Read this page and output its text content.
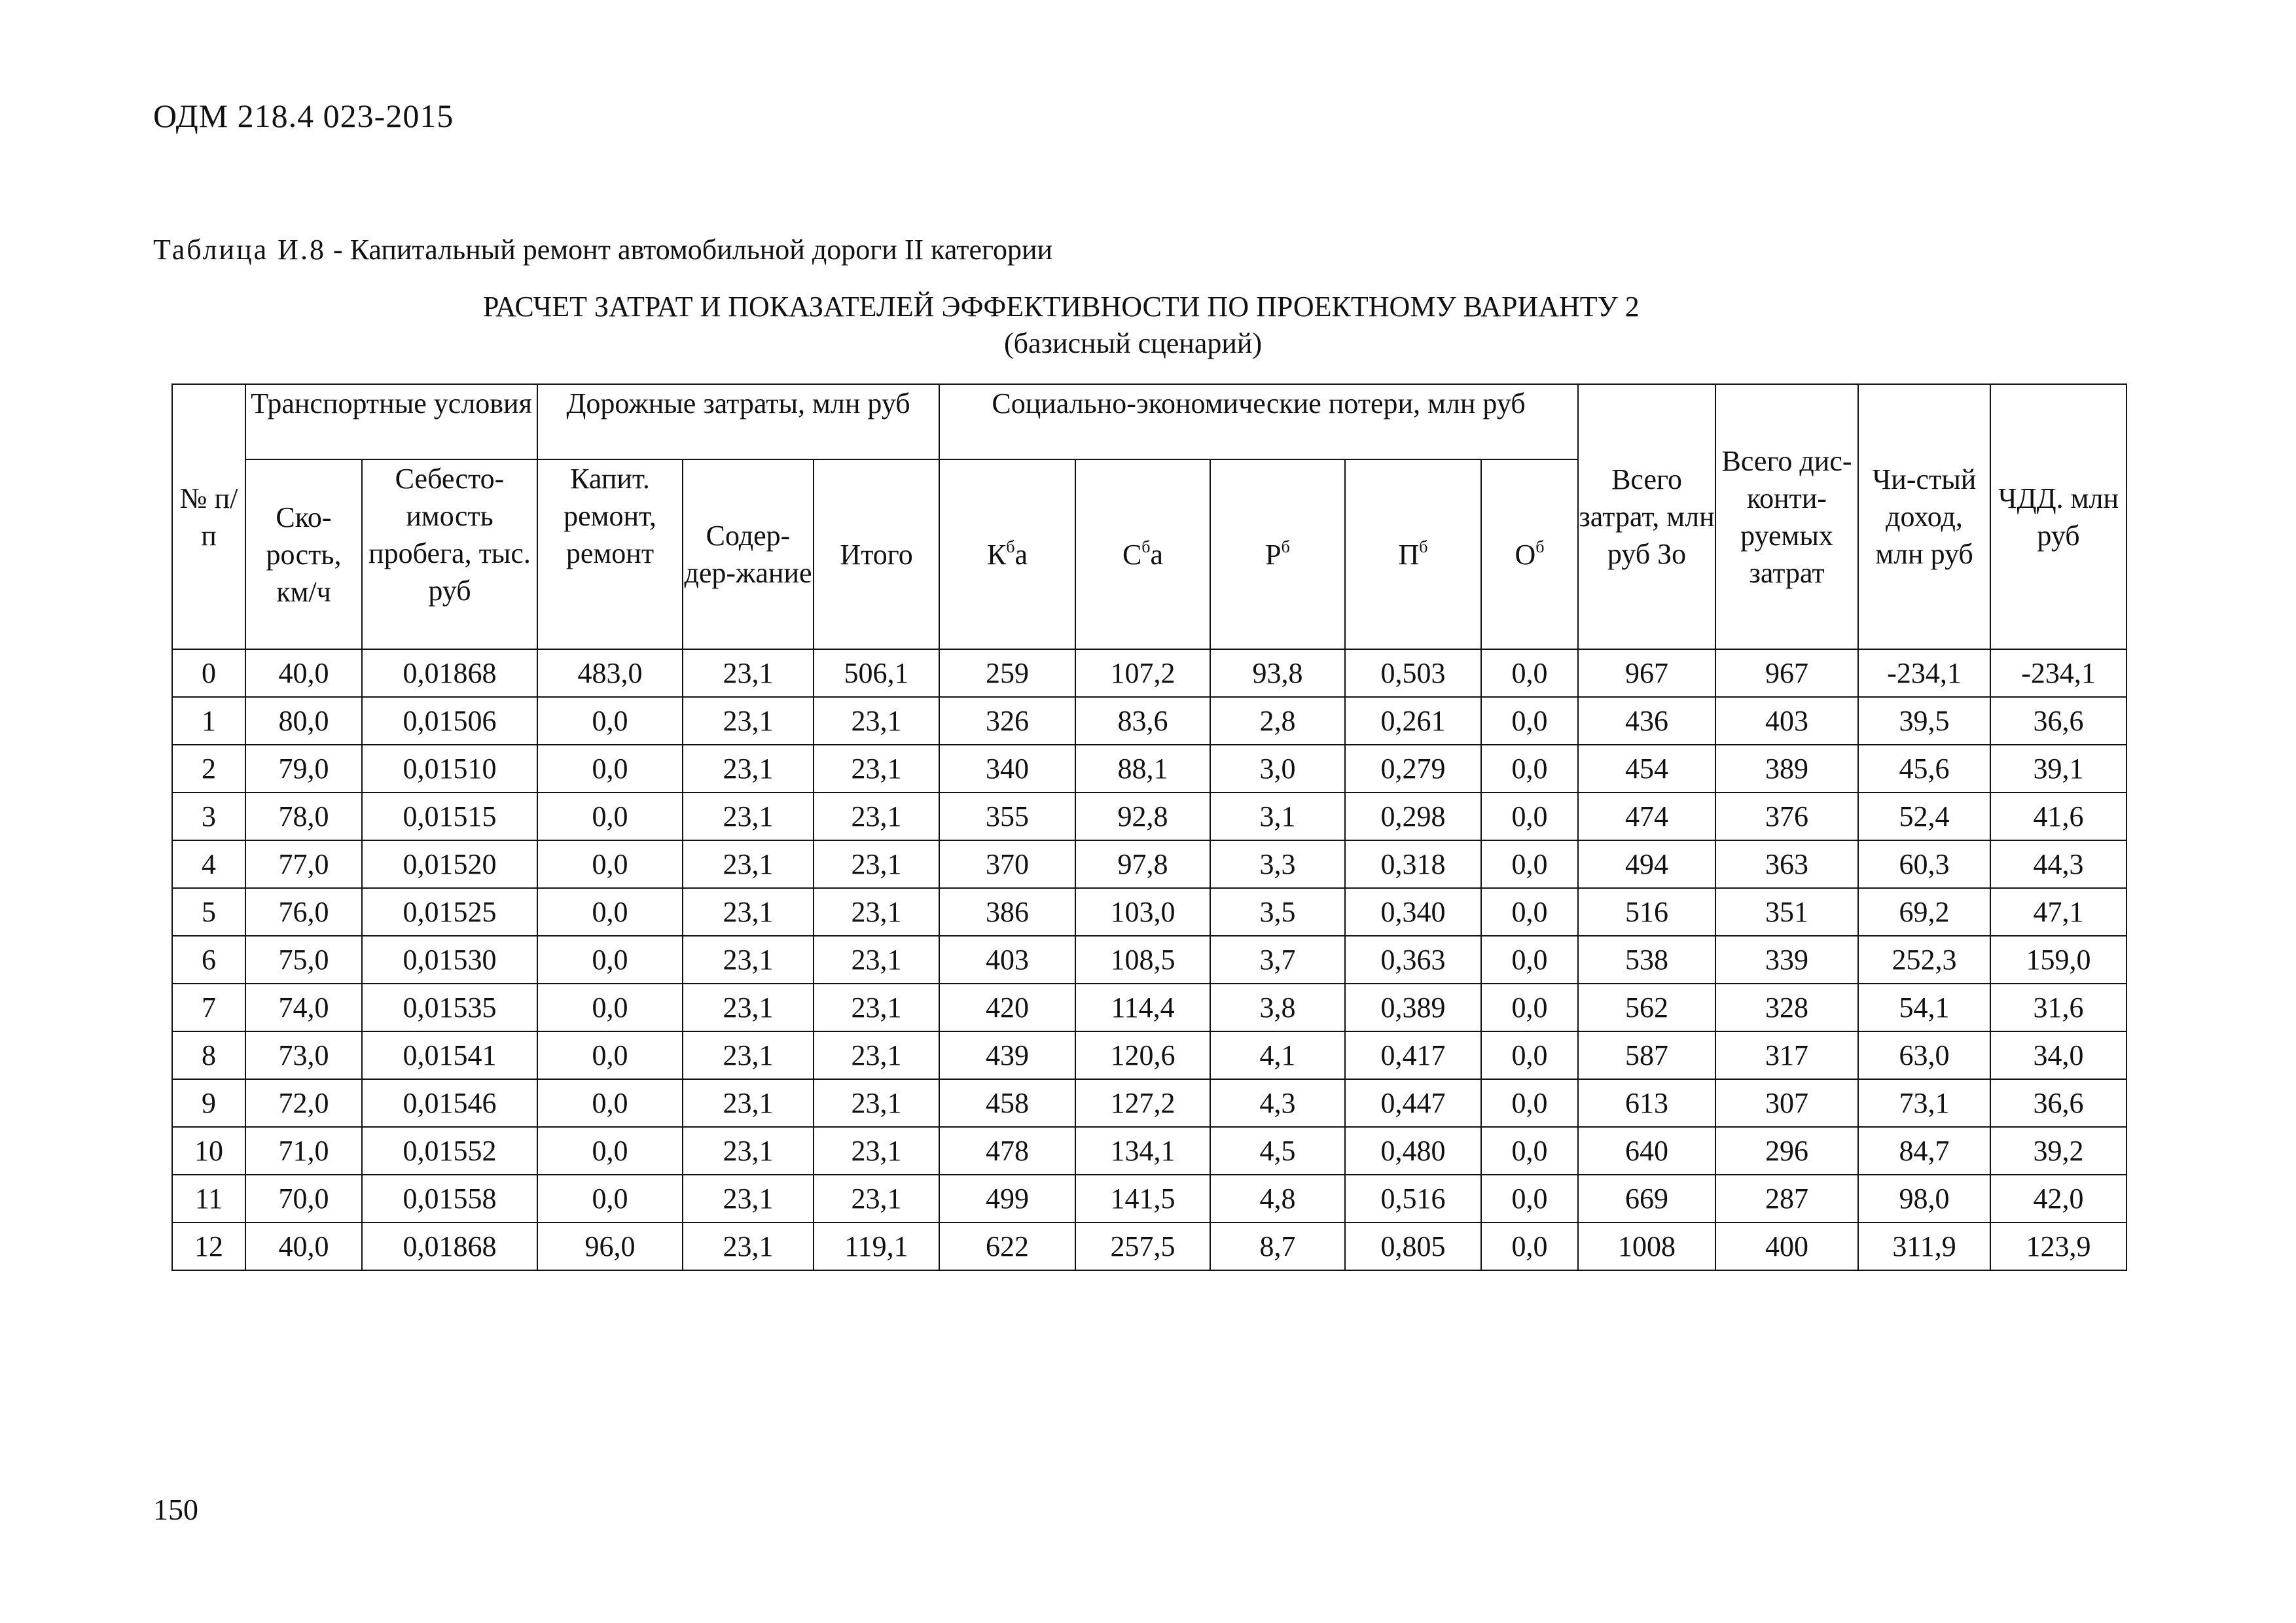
ОДМ 218.4 023-2015
Таблица И.8 - Капитальный ремонт автомобильной дороги II категории
РАСЧЕТ ЗАТРАТ И ПОКАЗАТЕЛЕЙ ЭФФЕКТИВНОСТИ ПО ПРОЕКТНОМУ ВАРИАНТУ 2
(базисный сценарий)
№ п/п	Транспортные условия		Дорожные затраты, млн руб			Социально-экономические потери, млн руб					Всего затрат, млн руб Зо	Всего дис-конти-руемых затрат	Чи-стый доход, млн руб	ЧДД. млн руб
	Ско-рость, км/ч	Себесто-имость пробега, тыс. руб	Капит. ремонт, ремонт	Содер-дер-жание	Итого	$К^ба$	$С^ба$	$Р^б$	$П^б$	$О^б$
0	40,0	0,01868	483,0	23,1	506,1	259	107,2	93,8	0,503	0,0	967	967	-234,1	-234,1
1	80,0	0,01506	0,0	23,1	23,1	326	83,6	2,8	0,261	0,0	436	403	39,5	36,6
2	79,0	0,01510	0,0	23,1	23,1	340	88,1	3,0	0,279	0,0	454	389	45,6	39,1
3	78,0	0,01515	0,0	23,1	23,1	355	92,8	3,1	0,298	0,0	474	376	52,4	41,6
4	77,0	0,01520	0,0	23,1	23,1	370	97,8	3,3	0,318	0,0	494	363	60,3	44,3
5	76,0	0,01525	0,0	23,1	23,1	386	103,0	3,5	0,340	0,0	516	351	69,2	47,1
6	75,0	0,01530	0,0	23,1	23,1	403	108,5	3,7	0,363	0,0	538	339	252,3	159,0
7	74,0	0,01535	0,0	23,1	23,1	420	114,4	3,8	0,389	0,0	562	328	54,1	31,6
8	73,0	0,01541	0,0	23,1	23,1	439	120,6	4,1	0,417	0,0	587	317	63,0	34,0
9	72,0	0,01546	0,0	23,1	23,1	458	127,2	4,3	0,447	0,0	613	307	73,1	36,6
10	71,0	0,01552	0,0	23,1	23,1	478	134,1	4,5	0,480	0,0	640	296	84,7	39,2
11	70,0	0,01558	0,0	23,1	23,1	499	141,5	4,8	0,516	0,0	669	287	98,0	42,0
12	40,0	0,01868	96,0	23,1	119,1	622	257,5	8,7	0,805	0,0	1008	400	311,9	123,9
150
